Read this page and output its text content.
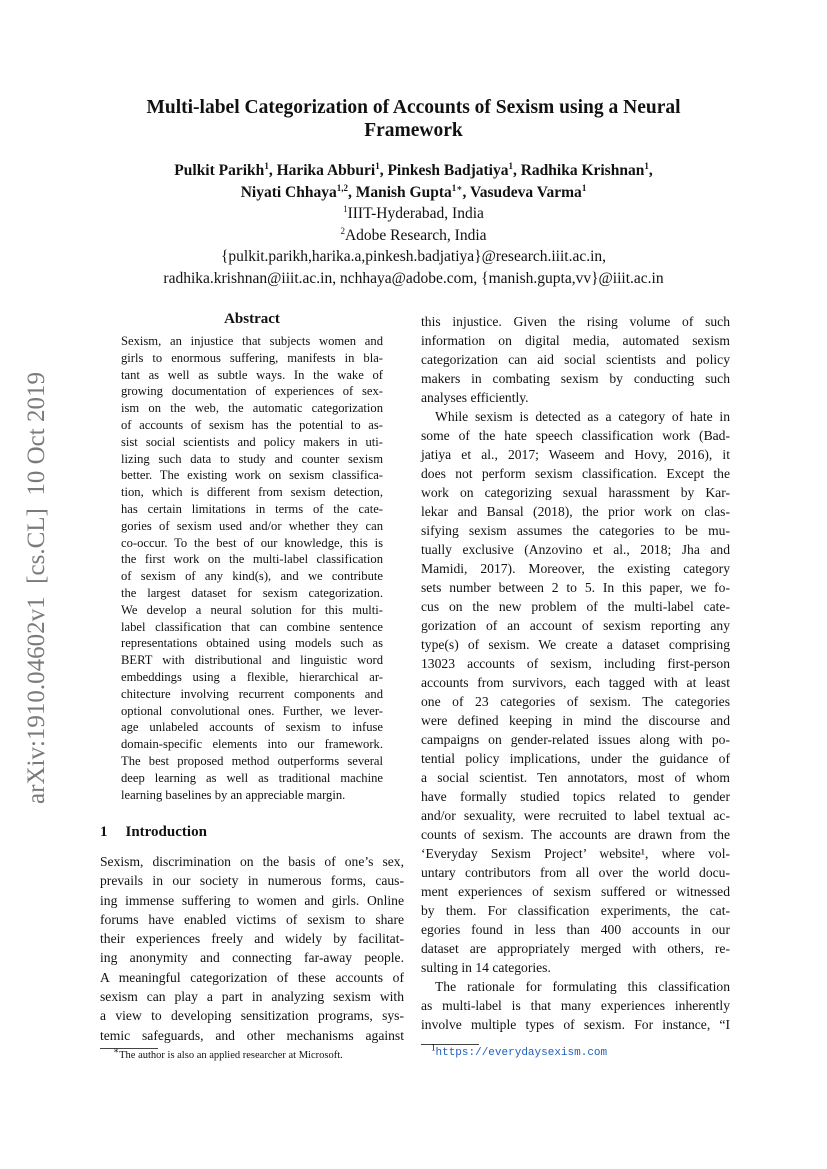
arXiv:1910.04602v1  [cs.CL]  10 Oct 2019
Multi-label Categorization of Accounts of Sexism using a Neural
Framework
Pulkit Parikh$^1$, Harika Abburi$^1$, Pinkesh Badjatiya$^1$, Radhika Krishnan$^1$,
Niyati Chhaya$^{1,2}$, Manish Gupta$^{1∗}$, Vasudeva Varma$^1$
$^1$IIIT-Hyderabad, India
$^2$Adobe Research, India
{pulkit.parikh,harika.a,pinkesh.badjatiya}@research.iiit.ac.in,
radhika.krishnan@iiit.ac.in, nchhaya@adobe.com, {manish.gupta,vv}@iiit.ac.in
Abstract
Sexism, an injustice that subjects women and
girls to enormous suffering, manifests in bla-
tant as well as subtle ways. In the wake of
growing documentation of experiences of sex-
ism on the web, the automatic categorization
of accounts of sexism has the potential to as-
sist social scientists and policy makers in uti-
lizing such data to study and counter sexism
better. The existing work on sexism classifica-
tion, which is different from sexism detection,
has certain limitations in terms of the cate-
gories of sexism used and/or whether they can
co-occur. To the best of our knowledge, this is
the first work on the multi-label classification
of sexism of any kind(s), and we contribute
the largest dataset for sexism categorization.
We develop a neural solution for this multi-
label classification that can combine sentence
representations obtained using models such as
BERT with distributional and linguistic word
embeddings using a flexible, hierarchical ar-
chitecture involving recurrent components and
optional convolutional ones. Further, we lever-
age unlabeled accounts of sexism to infuse
domain-specific elements into our framework.
The best proposed method outperforms several
deep learning as well as traditional machine
learning baselines by an appreciable margin.
1 Introduction
Sexism, discrimination on the basis of one’s sex,
prevails in our society in numerous forms, caus-
ing immense suffering to women and girls. Online
forums have enabled victims of sexism to share
their experiences freely and widely by facilitat-
ing anonymity and connecting far-away people.
A meaningful categorization of these accounts of
sexism can play a part in analyzing sexism with
a view to developing sensitization programs, sys-
temic safeguards, and other mechanisms against
this injustice. Given the rising volume of such
information on digital media, automated sexism
categorization can aid social scientists and policy
makers in combating sexism by conducting such
analyses efficiently.
While sexism is detected as a category of hate in
some of the hate speech classification work (Bad-
jatiya et al., 2017; Waseem and Hovy, 2016), it
does not perform sexism classification. Except the
work on categorizing sexual harassment by Kar-
lekar and Bansal (2018), the prior work on clas-
sifying sexism assumes the categories to be mu-
tually exclusive (Anzovino et al., 2018; Jha and
Mamidi, 2017). Moreover, the existing category
sets number between 2 to 5. In this paper, we fo-
cus on the new problem of the multi-label cate-
gorization of an account of sexism reporting any
type(s) of sexism. We create a dataset comprising
13023 accounts of sexism, including first-person
accounts from survivors, each tagged with at least
one of 23 categories of sexism. The categories
were defined keeping in mind the discourse and
campaigns on gender-related issues along with po-
tential policy implications, under the guidance of
a social scientist. Ten annotators, most of whom
have formally studied topics related to gender
and/or sexuality, were recruited to label textual ac-
counts of sexism. The accounts are drawn from the
‘Everyday Sexism Project’ website¹, where vol-
untary contributors from all over the world docu-
ment experiences of sexism suffered or witnessed
by them. For classification experiments, the cat-
egories found in less than 400 accounts in our
dataset are appropriately merged with others, re-
sulting in 14 categories.
The rationale for formulating this classification
as multi-label is that many experiences inherently
involve multiple types of sexism. For instance, “I
∗The author is also an applied researcher at Microsoft.
$^1$https://everydaysexism.com
